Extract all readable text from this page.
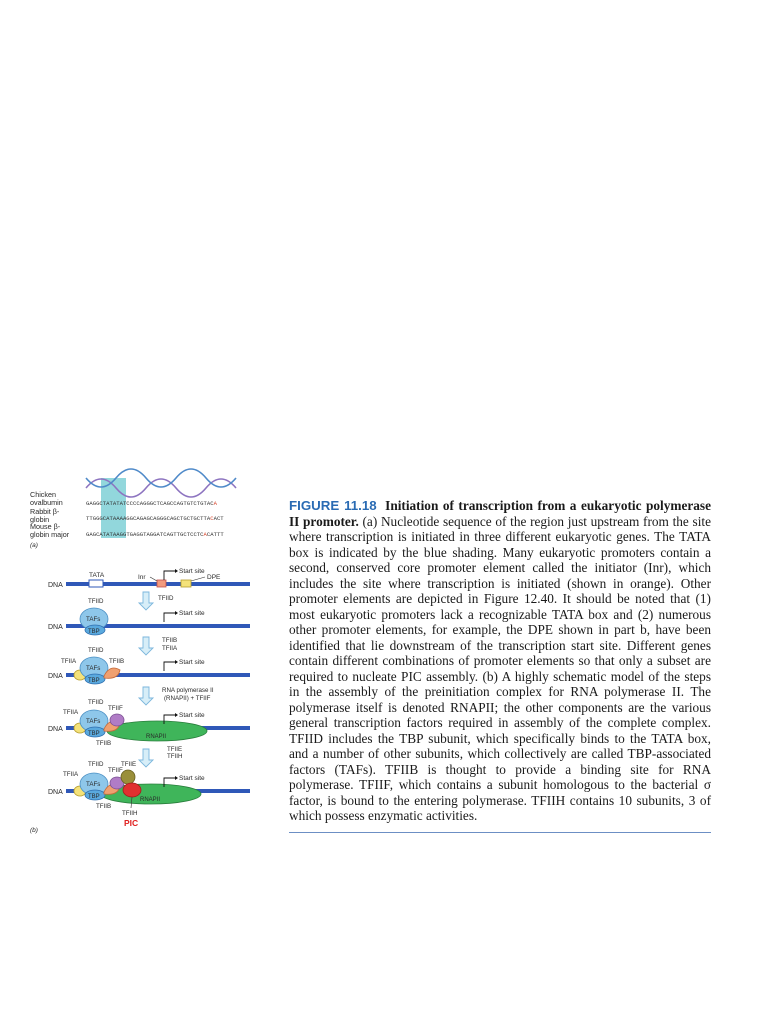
Chicken
ovalbumin	GAGGCTATATATCCCCAGGGCTCAGCCAGTGTCTGTACA
Rabbit β-
globin	TTGGGCATAAAAGGCAGAGCAGGGCAGCTGCTGCTTACACT
Mouse β-
globin major	GAGCATATAAGGTGAGGTAGGATCAGTTGCTCCTCACATTT
(a)
DNA
TATA	Inr	DPE
Start site
TFIID
DNA
TFIID
TAFs
TBP
Start site
TFIIB
TFIIA
DNA
TFIID
TFIIA	TFIIB
TAFs
TBP
Start site
RNA polymerase II
(RNAPII) + TFIIF
DNA
RNAPII
TFIID
TFIIA
TFIIF
TAFs
TBP
TFIIB
Start site
TFIIE
TFIIH
DNA
RNAPII
TFIID	TFIIE
TFIIF
TFIIA
TAFs
TBP
TFIIB
TFIIH
Start site
PIC
(b)
FIGURE 11.18 Initiation of transcription from a eukaryotic polymerase II promoter. (a) Nucleotide sequence of the region just upstream from the site where transcription is initiated in three different eukaryotic genes. The TATA box is indicated by the blue shading. Many eukaryotic promoters contain a second, conserved core promoter element called the initiator (Inr), which includes the site where transcription is initiated (shown in orange). Other promoter elements are depicted in Figure 12.40. It should be noted that (1) most eukaryotic promoters lack a recognizable TATA box and (2) numerous other promoter elements, for example, the DPE shown in part b, have been identified that lie downstream of the transcription start site. Different genes contain different combinations of promoter elements so that only a subset are required to nucleate PIC assembly. (b) A highly schematic model of the steps in the assembly of the preinitiation complex for RNA polymerase II. The polymerase itself is denoted RNAPII; the other components are the various general transcription factors required in assembly of the complete complex. TFIID includes the TBP subunit, which specifically binds to the TATA box, and a number of other subunits, which collectively are called TBP-associated factors (TAFs). TFIIB is thought to provide a binding site for RNA polymerase. TFIIF, which contains a subunit homologous to the bacterial σ factor, is bound to the entering polymerase. TFIIH contains 10 subunits, 3 of which possess enzymatic activities.
